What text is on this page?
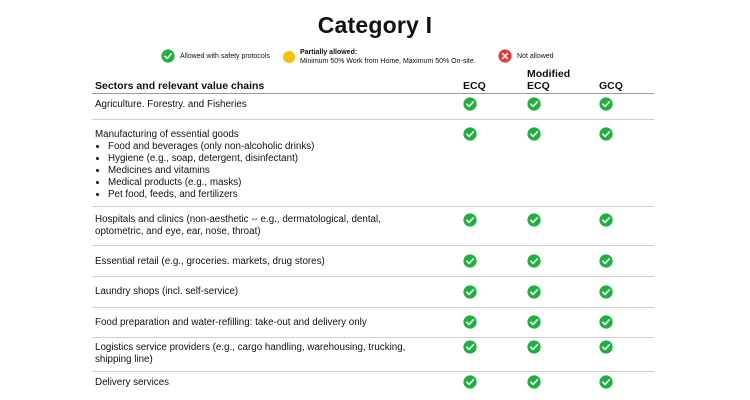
Category I
Allowed with safety protocols
Partially allowed:
Minimum 50% Work from Home, Maximum 50% On-site.
Not allowed
Sectors and relevant value chains	ECQ
Modified
ECQ	GCQ
Agriculture. Forestry. and Fisheries
Manufacturing of essential goods
• Food and beverages (only non-alcoholic drinks)
• Hygiene (e.g., soap, detergent, disinfectant)
• Medicines and vitamins
• Medical products (e.g., masks)
• Pet food, feeds, and fertilizers
Hospitals and clinics (non-aesthetic -- e.g., dermatological, dental,
optometric, and eye, ear, nose, throat)
Essential retail (e.g., groceries. markets, drug stores)
Laundry shops (incl. self-service)
Food preparation and water-refilling: take-out and delivery only
Logistics service providers (e.g., cargo handling, warehousing, trucking,
shipping line)
Delivery services
